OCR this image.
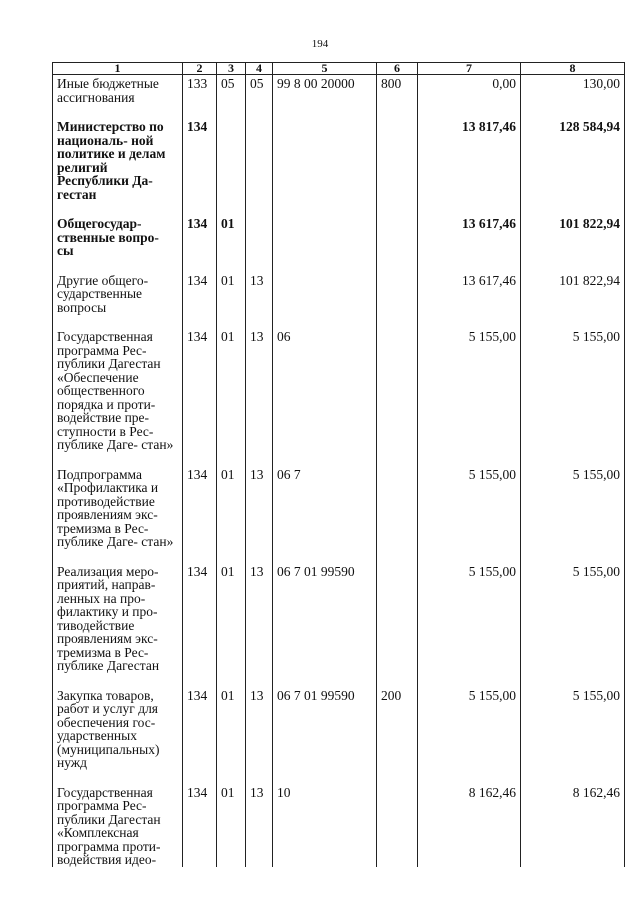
194
1	2	3	4	5	6	7	8
Иные бюджетные ассигнования	133	05	05	99 8 00 20000	800	0,00	130,00
Министерство по националь- ной политике и делам религий Республики Да- гестан	134					13 817,46	128 584,94
Общегосудар- ственные вопро- сы	134	01				13 617,46	101 822,94
Другие общего- сударственные вопросы	134	01	13			13 617,46	101 822,94
Государственная программа Рес- публики Дагестан «Обеспечение общественного порядка и проти- водействие пре- ступности в Рес- публике Даге- стан»	134	01	13	06		5 155,00	5 155,00
Подпрограмма «Профилактика и противодействие проявлениям экс- тремизма в Рес- публике Даге- стан»	134	01	13	06 7		5 155,00	5 155,00
Реализация меро- приятий, направ- ленных на про- филактику и про- тиводействие проявлениям экс- тремизма в Рес- публике Дагестан	134	01	13	06 7 01 99590		5 155,00	5 155,00
Закупка товаров, работ и услуг для обеспечения гос- ударственных (муниципальных) нужд	134	01	13	06 7 01 99590	200	5 155,00	5 155,00
Государственная программа Рес- публики Дагестан «Комплексная программа проти- водействия идео-	134	01	13	10		8 162,46	8 162,46
